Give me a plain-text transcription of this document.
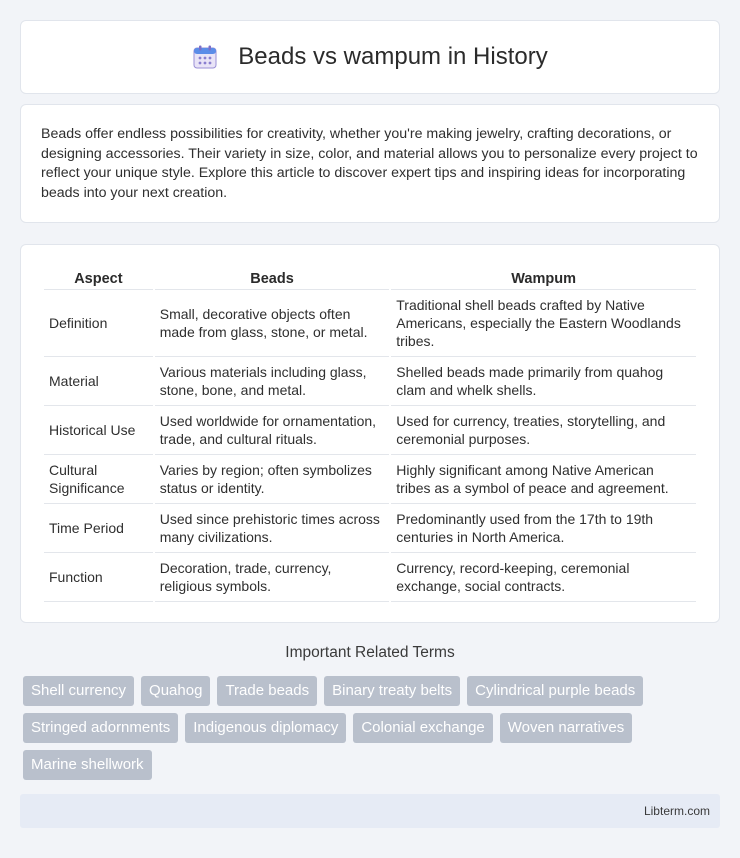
Beads vs wampum in History

Beads offer endless possibilities for creativity, whether you're making jewelry, crafting decorations, or designing accessories. Their variety in size, color, and material allows you to personalize every project to reflect your unique style. Explore this article to discover expert tips and inspiring ideas for incorporating beads into your next creation.

Aspect	Beads	Wampum
Definition	Small, decorative objects often made from glass, stone, or metal.	Traditional shell beads crafted by Native Americans, especially the Eastern Woodlands tribes.
Material	Various materials including glass, stone, bone, and metal.	Shelled beads made primarily from quahog clam and whelk shells.
Historical Use	Used worldwide for ornamentation, trade, and cultural rituals.	Used for currency, treaties, storytelling, and ceremonial purposes.
Cultural Significance	Varies by region; often symbolizes status or identity.	Highly significant among Native American tribes as a symbol of peace and agreement.
Time Period	Used since prehistoric times across many civilizations.	Predominantly used from the 17th to 19th centuries in North America.
Function	Decoration, trade, currency, religious symbols.	Currency, record-keeping, ceremonial exchange, social contracts.
Important Related Terms
Shell currency	Quahog	Trade beads	Binary treaty belts	Cylindrical purple beads
Stringed adornments	Indigenous diplomacy	Colonial exchange	Woven narratives
Marine shellwork
Libterm.com
